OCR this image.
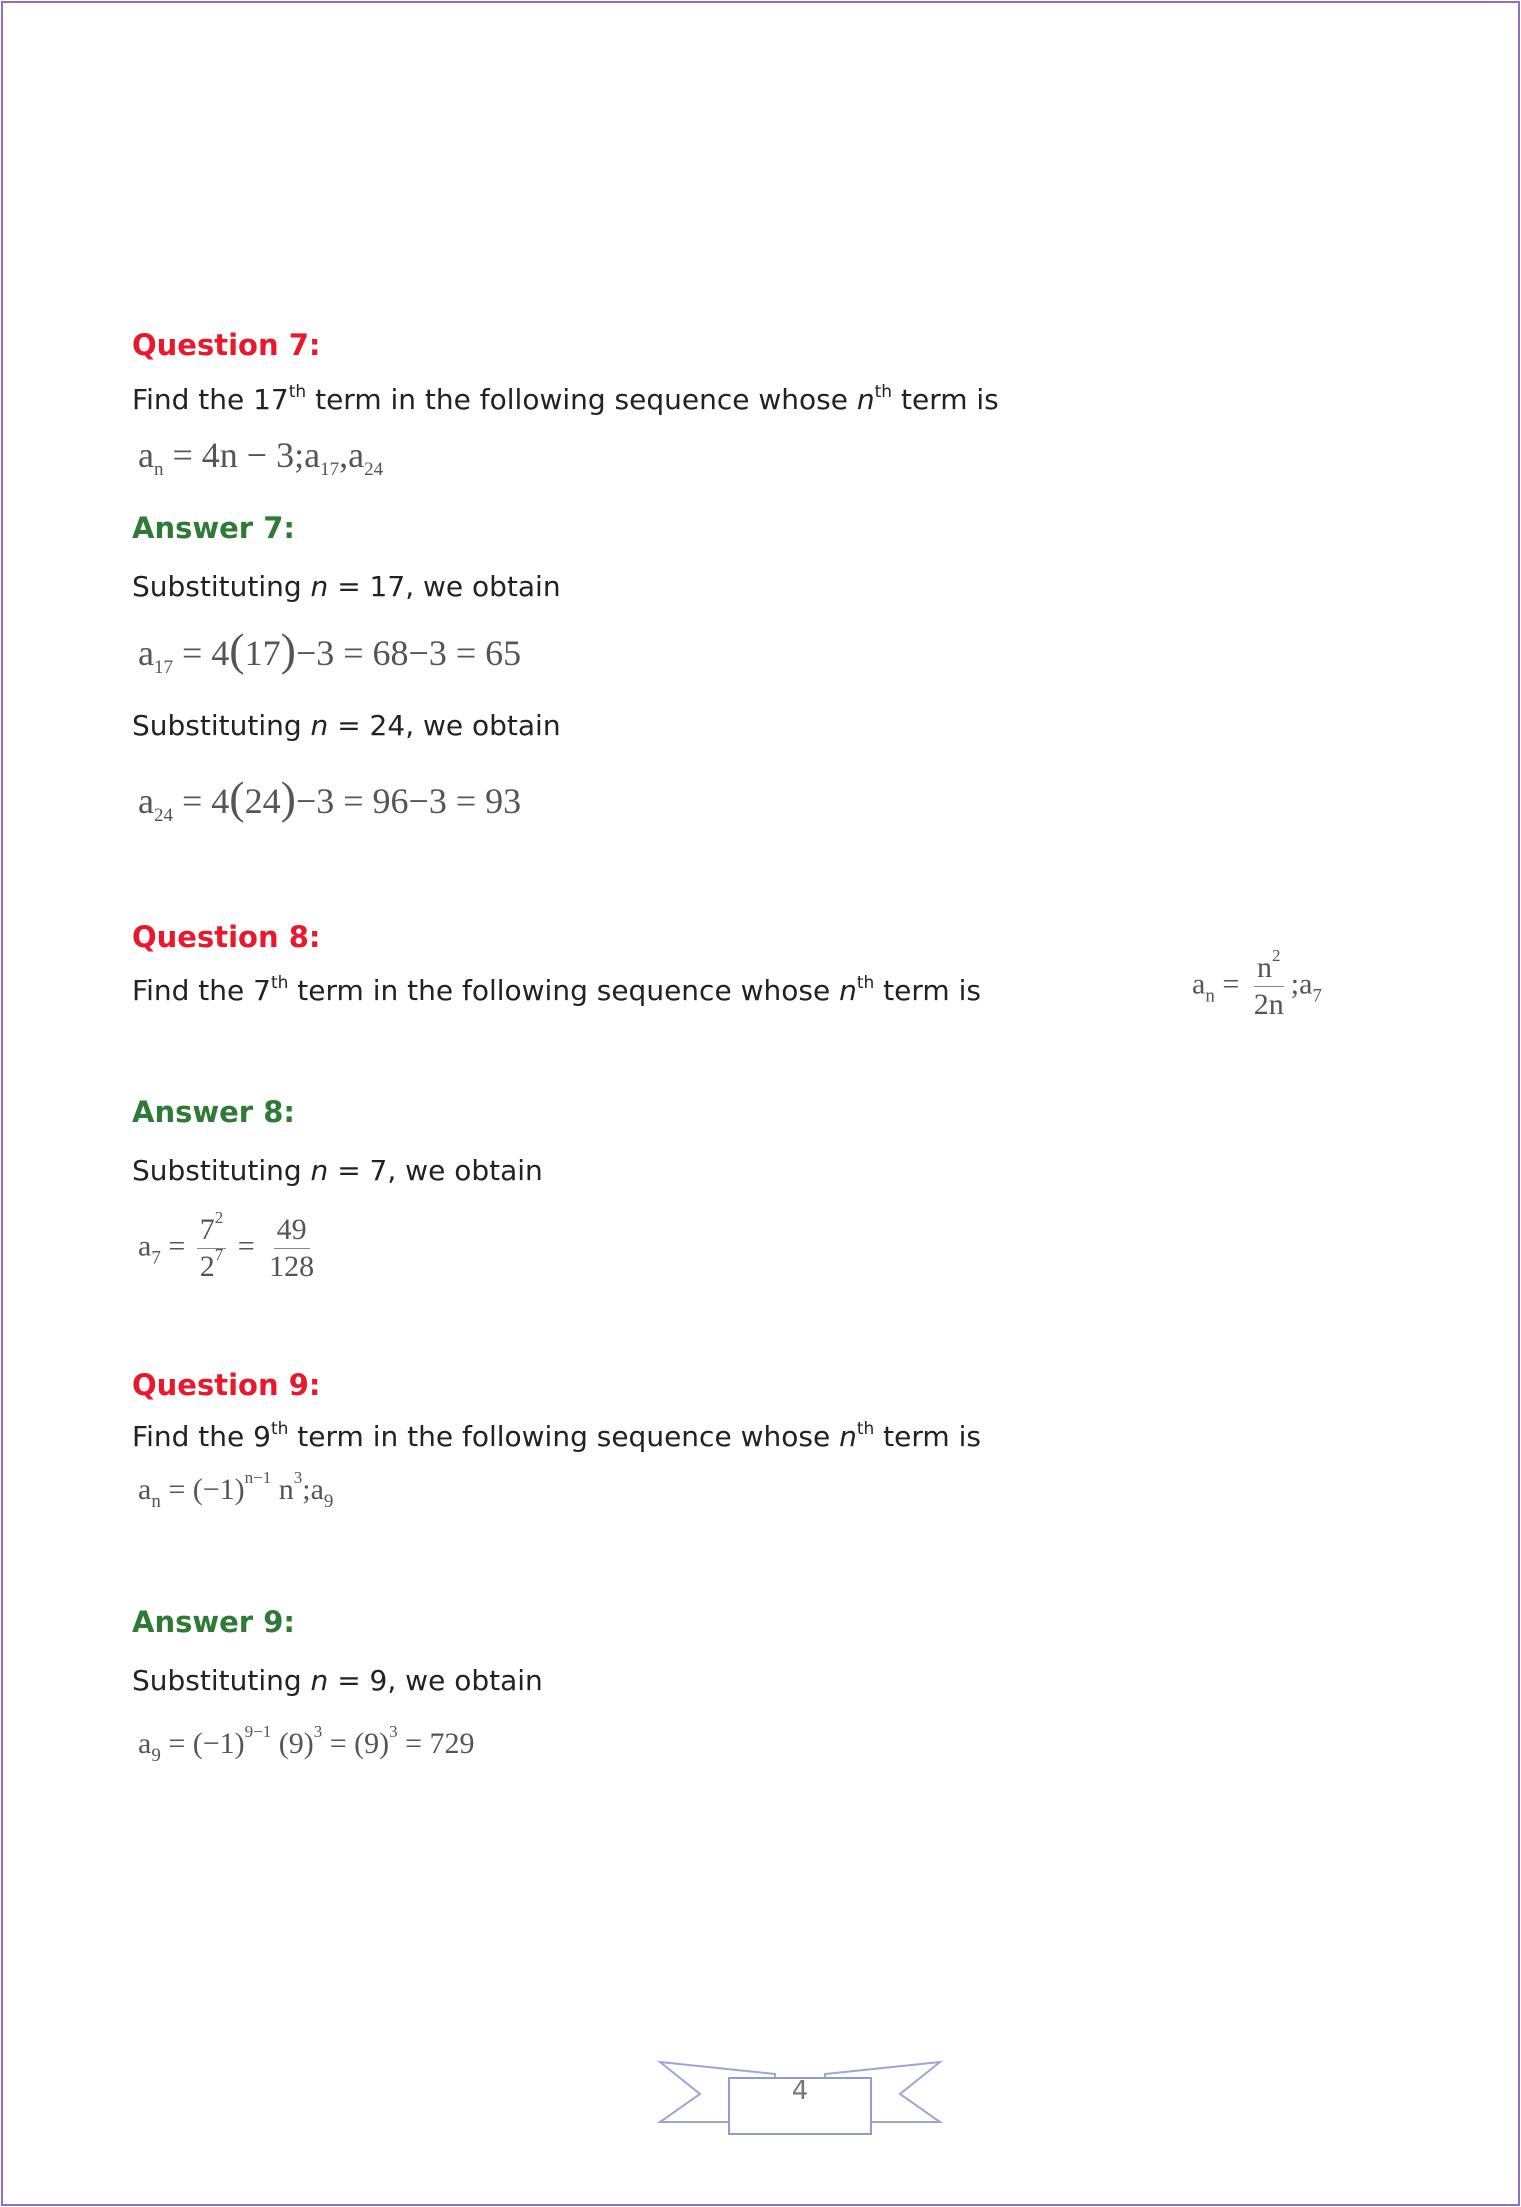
Question 7:
Find the 17th term in the following sequence whose $n^{th}$ term is
$a_n = 4n$ − $3;a_{17},a_{24}$
Answer 7:
Substituting n = 17, we obtain
$a_{17} = 4(17)-3 = 68-3 = 65$
Substituting n = 24, we obtain
$a_{24} = 4(24)-3 = 96-3 = 93$
Question 8:
Find the 7th term in the following sequence whose $n^{th}$ term is	$a_n = \frac{n^2}{2n}$ $;a_7$
Answer 8:
Substituting n = 7, we obtain
$a_7 = \frac{7^2}{2^7} = \frac{49}{128}$
Question 9:
Find the 9th term in the following sequence whose $n^{th}$ term is
$a_n = (-1)^{n-1}$ $n^3;a_9$
Answer 9:
Substituting n = 9, we obtain
$a_9 = (-1)^{9-1}$ $(9)^3 = (9)^3 = 729$
4
